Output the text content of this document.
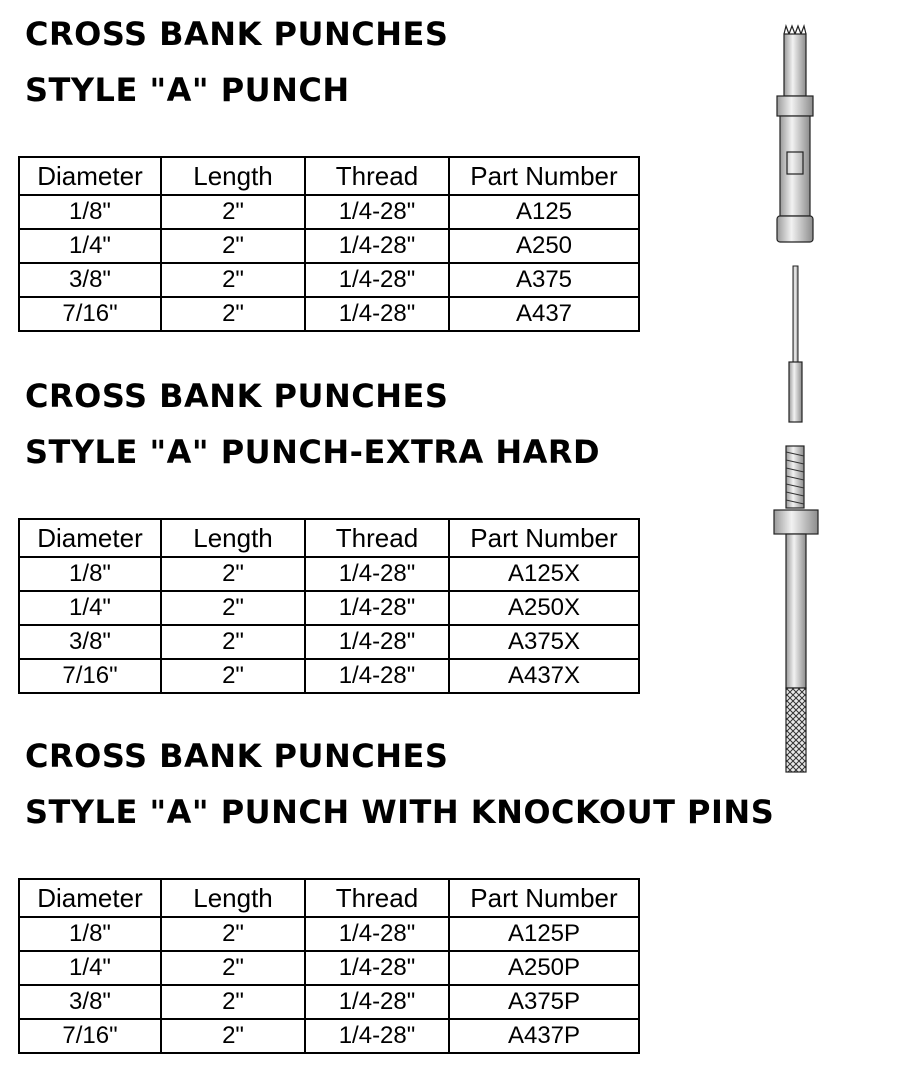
CROSS BANK PUNCHES
STYLE "A" PUNCH
Diameter	Length	Thread	Part Number
1/8"	2"	1/4-28"	A125
1/4"	2"	1/4-28"	A250
3/8"	2"	1/4-28"	A375
7/16"	2"	1/4-28"	A437
CROSS BANK PUNCHES
STYLE "A" PUNCH-EXTRA HARD
Diameter	Length	Thread	Part Number
1/8"	2"	1/4-28"	A125X
1/4"	2"	1/4-28"	A250X
3/8"	2"	1/4-28"	A375X
7/16"	2"	1/4-28"	A437X
CROSS BANK PUNCHES
STYLE "A" PUNCH WITH KNOCKOUT PINS
Diameter	Length	Thread	Part Number
1/8"	2"	1/4-28"	A125P
1/4"	2"	1/4-28"	A250P
3/8"	2"	1/4-28"	A375P
7/16"	2"	1/4-28"	A437P
